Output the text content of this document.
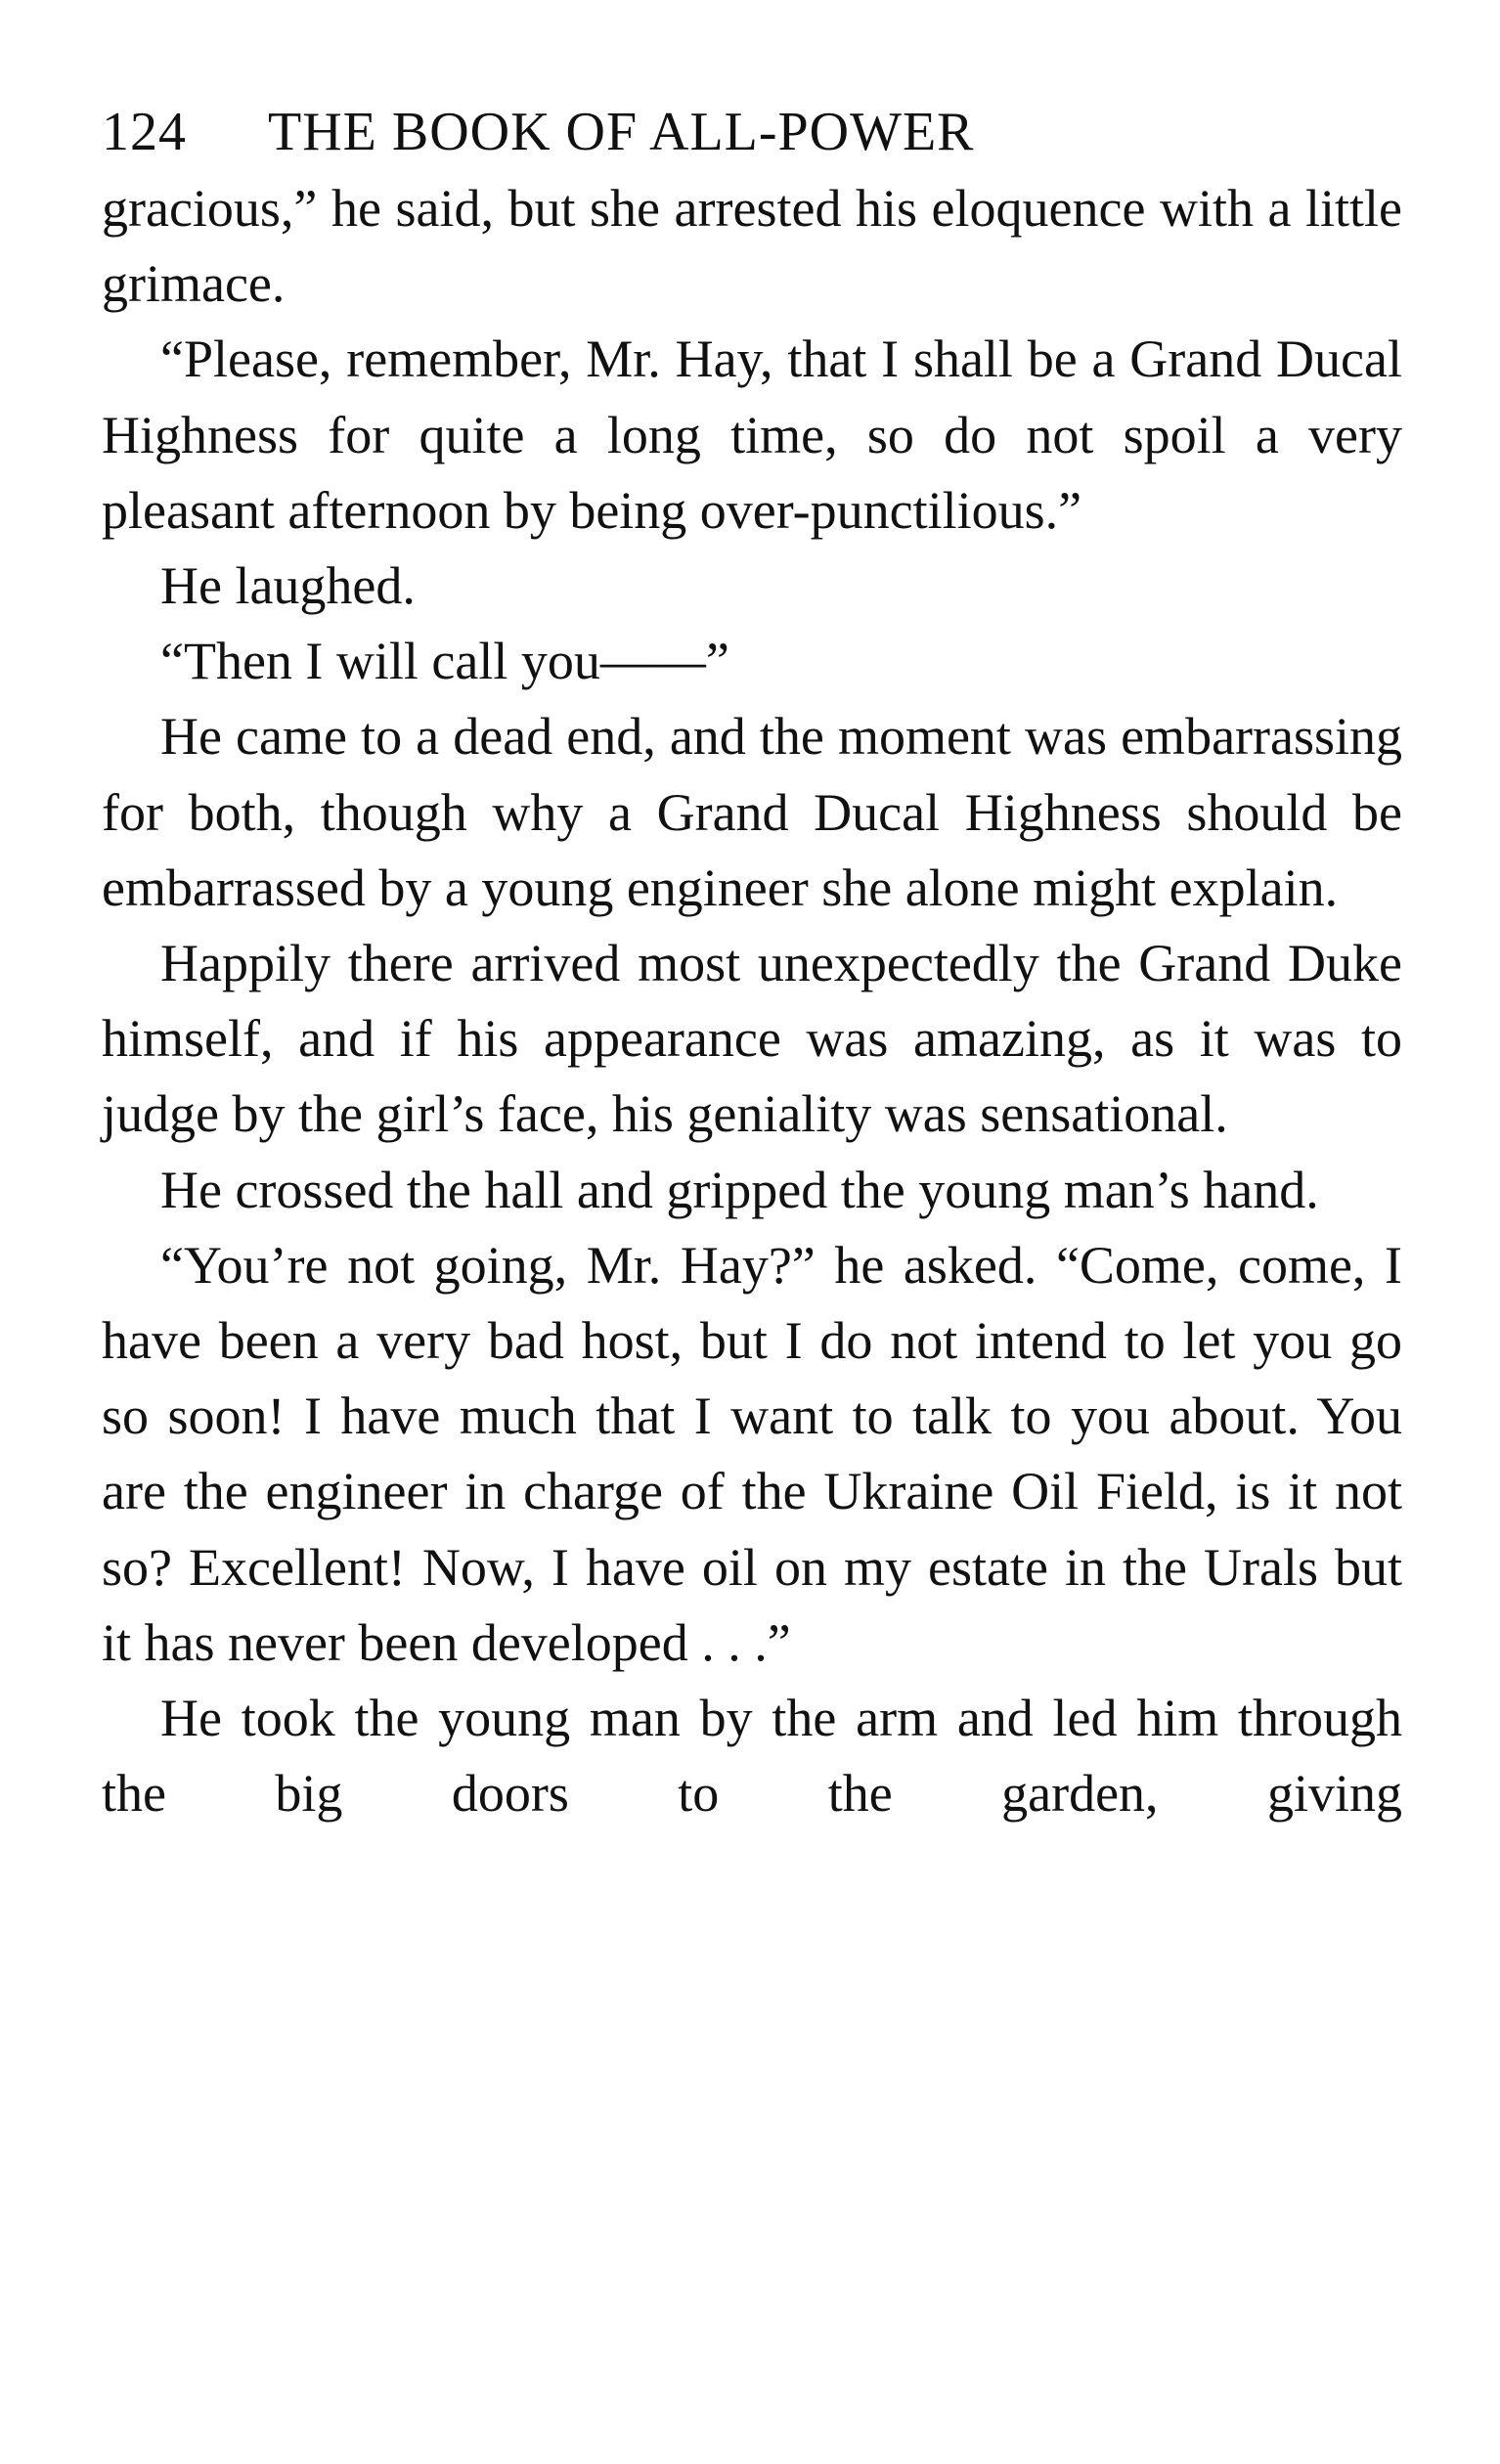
124 THE BOOK OF ALL-POWER

gracious,” he said, but she arrested his eloquence with a little grimace.

“Please, remember, Mr. Hay, that I shall be a Grand Ducal Highness for quite a long time, so do not spoil a very pleasant afternoon by being over-punctilious.”

He laughed.

“Then I will call you——”

He came to a dead end, and the moment was embarrassing for both, though why a Grand Ducal Highness should be embarrassed by a young engineer she alone might explain.

Happily there arrived most unexpectedly the Grand Duke himself, and if his appearance was amazing, as it was to judge by the girl’s face, his geniality was sensational.

He crossed the hall and gripped the young man’s hand.

“You’re not going, Mr. Hay?” he asked. “Come, come, I have been a very bad host, but I do not intend to let you go so soon! I have much that I want to talk to you about. You are the engineer in charge of the Ukraine Oil Field, is it not so? Excellent! Now, I have oil on my estate in the Urals but it has never been developed . . .”

He took the young man by the arm and led him through the big doors to the garden, giving
